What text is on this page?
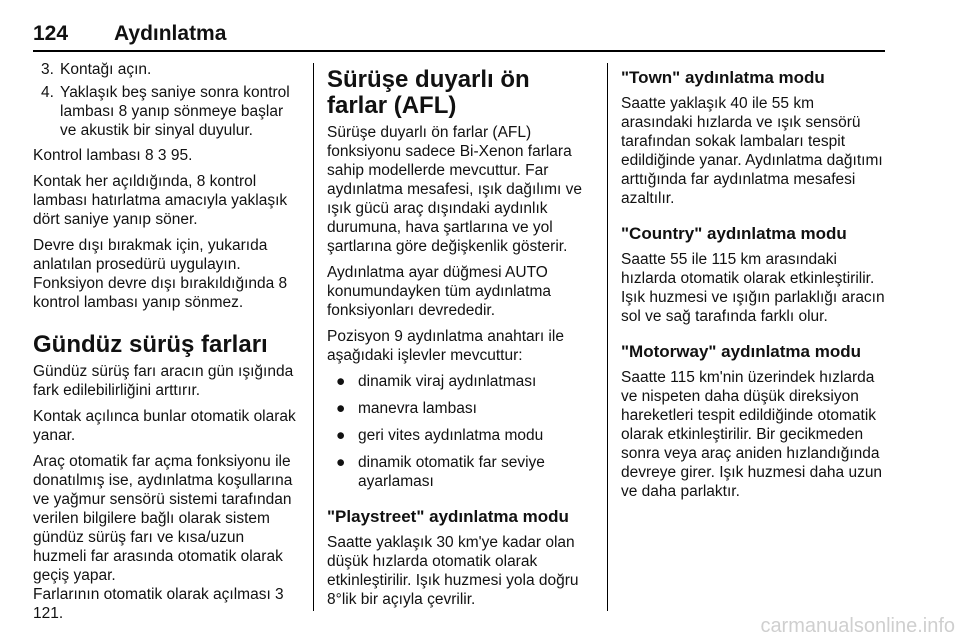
124 Aydınlatma
3. Kontağı açın.
4. Yaklaşık beş saniye sonra kontrol lambası 8 yanıp sönmeye başlar ve akustik bir sinyal duyulur.

Kontrol lambası 8 3 95.

Kontak her açıldığında, 8 kontrol lambası hatırlatma amacıyla yaklaşık dört saniye yanıp söner.

Devre dışı bırakmak için, yukarıda anlatılan prosedürü uygulayın.

Fonksiyon devre dışı bırakıldığında 8 kontrol lambası yanıp sönmez.

Gündüz sürüş farları

Gündüz sürüş farı aracın gün ışığında fark edilebilirliğini arttırır.

Kontak açılınca bunlar otomatik olarak yanar.

Araç otomatik far açma fonksiyonu ile donatılmış ise, aydınlatma koşullarına ve yağmur sensörü sistemi tarafından verilen bilgilere bağlı olarak sistem gündüz sürüş farı ve kısa/uzun huzmeli far arasında otomatik olarak geçiş yapar.

Farlarının otomatik olarak açılması 3 121.

Sürüşe duyarlı ön farlar (AFL)

Sürüşe duyarlı ön farlar (AFL) fonksiyonu sadece Bi-Xenon farlara sahip modellerde mevcuttur. Far aydınlatma mesafesi, ışık dağılımı ve ışık gücü araç dışındaki aydınlık durumuna, hava şartlarına ve yol şartlarına göre değişkenlik gösterir.

Aydınlatma ayar düğmesi AUTO konumundayken tüm aydınlatma fonksiyonları devrededir.

Pozisyon 9 aydınlatma anahtarı ile aşağıdaki işlevler mevcuttur:

● dinamik viraj aydınlatması
● manevra lambası
● geri vites aydınlatma modu
● dinamik otomatik far seviye ayarlaması
"Playstreet" aydınlatma modu

Saatte yaklaşık 30 km'ye kadar olan düşük hızlarda otomatik olarak etkinleştirilir. Işık huzmesi yola doğru 8°lik bir açıyla çevrilir.

"Town" aydınlatma modu

Saatte yaklaşık 40 ile 55 km arasındaki hızlarda ve ışık sensörü tarafından sokak lambaları tespit edildiğinde yanar. Aydınlatma dağıtımı arttığında far aydınlatma mesafesi azaltılır.

"Country" aydınlatma modu

Saatte 55 ile 115 km arasındaki hızlarda otomatik olarak etkinleştirilir. Işık huzmesi ve ışığın parlaklığı aracın sol ve sağ tarafında farklı olur.

"Motorway" aydınlatma modu

Saatte 115 km'nin üzerindek hızlarda ve nispeten daha düşük direksiyon hareketleri tespit edildiğinde otomatik olarak etkinleştirilir. Bir gecikmeden sonra veya araç aniden hızlandığında devreye girer. Işık huzmesi daha uzun ve daha parlaktır.

carmanualsonline.info
